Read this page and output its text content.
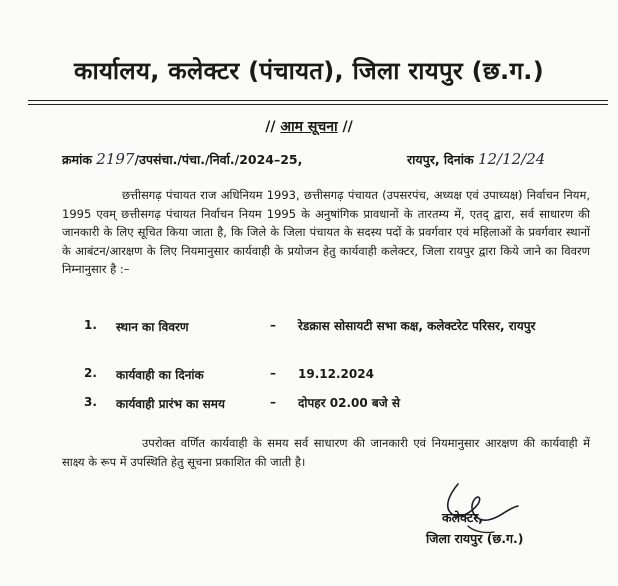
कार्यालय, कलेक्टर (पंचायत), जिला रायपुर (छ.ग.)
// आम सूचना //
क्रमांक 2197/उपसंचा./पंचा./निर्वा./2024–25,	रायपुर, दिनांक 12/12/24

छत्तीसगढ़ पंचायत राज अधिनियम 1993, छत्तीसगढ़ पंचायत (उपसरपंच, अध्यक्ष एवं उपाध्यक्ष) निर्वाचन नियम, 1995 एवम् छत्तीसगढ़ पंचायत निर्वाचन नियम 1995 के अनुषांगिक प्रावधानों के तारतम्य में, एतद् द्वारा, सर्व साधारण की जानकारी के लिए सूचित किया जाता है, कि जिले के जिला पंचायत के सदस्य पदों के प्रवर्गवार एवं महिलाओं के प्रवर्गवार स्थानों के आबंटन/आरक्षण के लिए नियमानुसार कार्यवाही के प्रयोजन हेतु कार्यवाही कलेक्टर, जिला रायपुर द्वारा किये जाने का विवरण निम्नानुसार है :–

1. स्थान का विवरण	– रेडक्रास सोसायटी सभा कक्ष, कलेक्टरेट परिसर, रायपुर
2. कार्यवाही का दिनांक	– 19.12.2024
3. कार्यवाही प्रारंभ का समय	– दोपहर 02.00 बजे से

उपरोक्त वर्णित कार्यवाही के समय सर्व साधारण की जानकारी एवं नियमानुसार आरक्षण की कार्यवाही में साक्ष्य के रूप में उपस्थिति हेतु सूचना प्रकाशित की जाती है।

कलेक्टर,
जिला रायपुर (छ.ग.)
